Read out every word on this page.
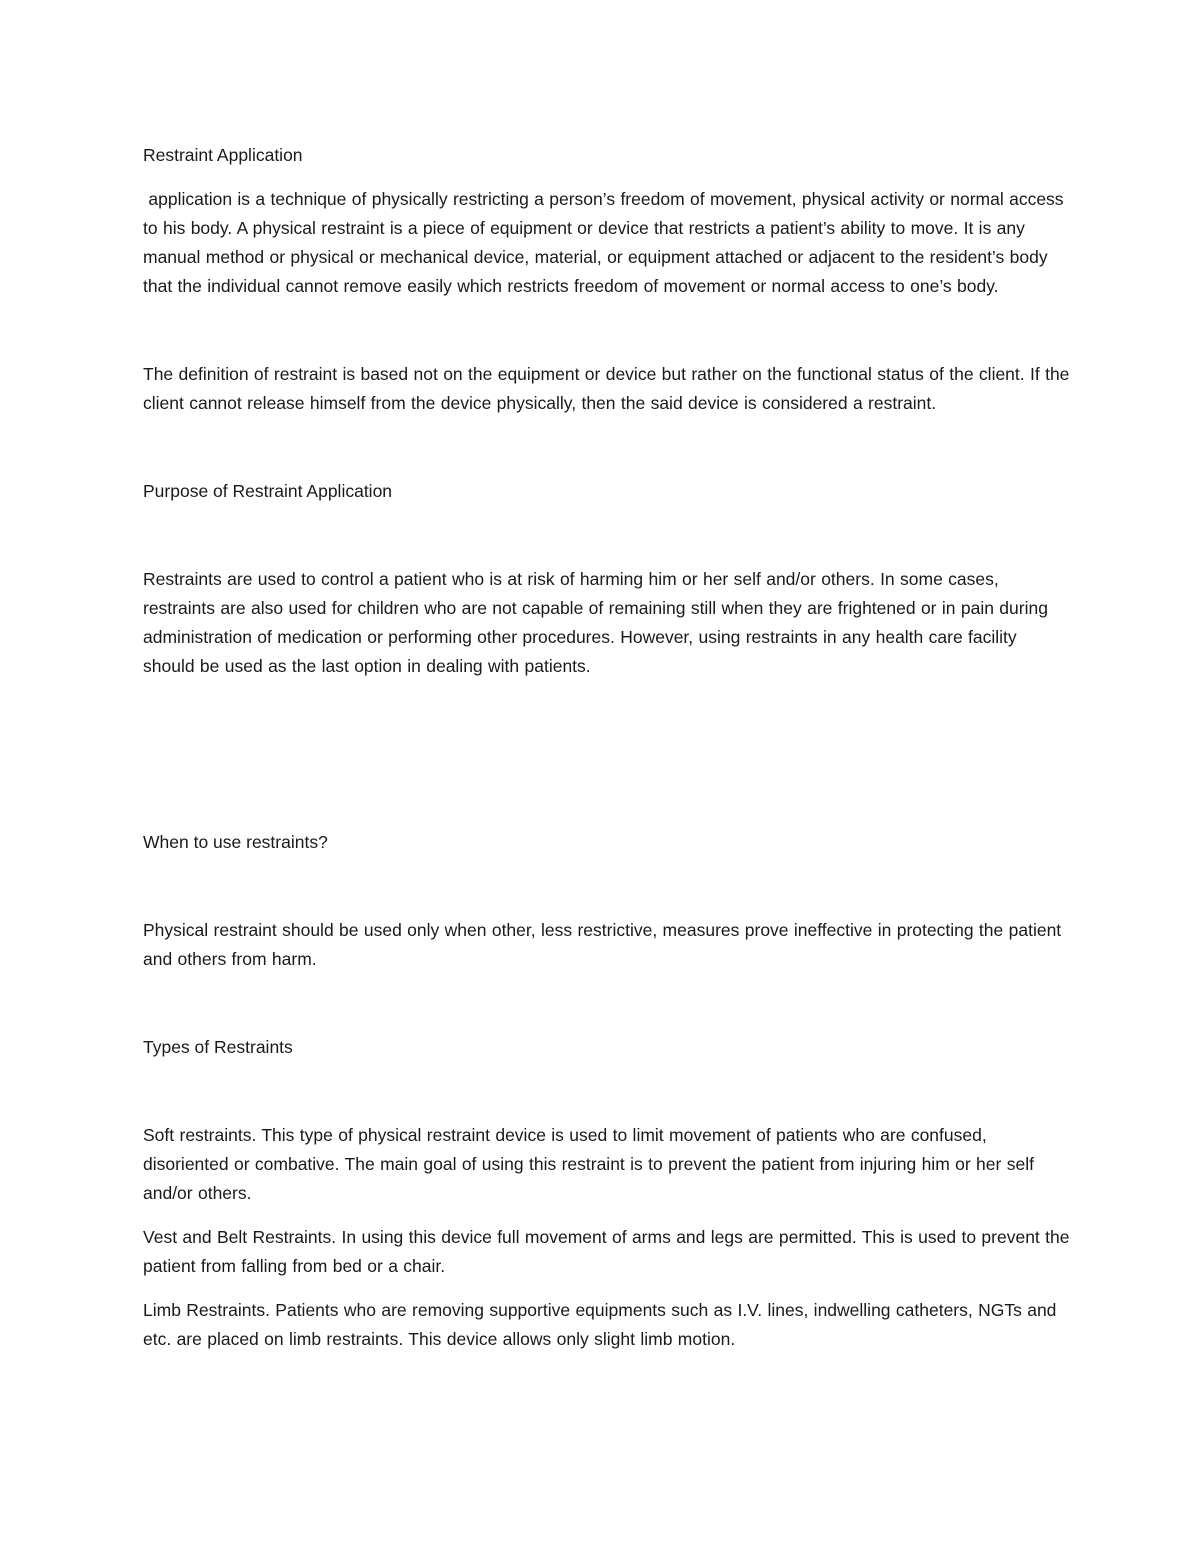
Restraint Application

application is a technique of physically restricting a person’s freedom of movement, physical activity or normal access to his body. A physical restraint is a piece of equipment or device that restricts a patient’s ability to move. It is any manual method or physical or mechanical device, material, or equipment attached or adjacent to the resident’s body that the individual cannot remove easily which restricts freedom of movement or normal access to one’s body.

The definition of restraint is based not on the equipment or device but rather on the functional status of the client. If the client cannot release himself from the device physically, then the said device is considered a restraint.

Purpose of Restraint Application

Restraints are used to control a patient who is at risk of harming him or her self and/or others. In some cases, restraints are also used for children who are not capable of remaining still when they are frightened or in pain during administration of medication or performing other procedures. However, using restraints in any health care facility should be used as the last option in dealing with patients.

When to use restraints?

Physical restraint should be used only when other, less restrictive, measures prove ineffective in protecting the patient and others from harm.

Types of Restraints

Soft restraints. This type of physical restraint device is used to limit movement of patients who are confused, disoriented or combative. The main goal of using this restraint is to prevent the patient from injuring him or her self and/or others.

Vest and Belt Restraints. In using this device full movement of arms and legs are permitted. This is used to prevent the patient from falling from bed or a chair.

Limb Restraints. Patients who are removing supportive equipments such as I.V. lines, indwelling catheters, NGTs and etc. are placed on limb restraints. This device allows only slight limb motion.
